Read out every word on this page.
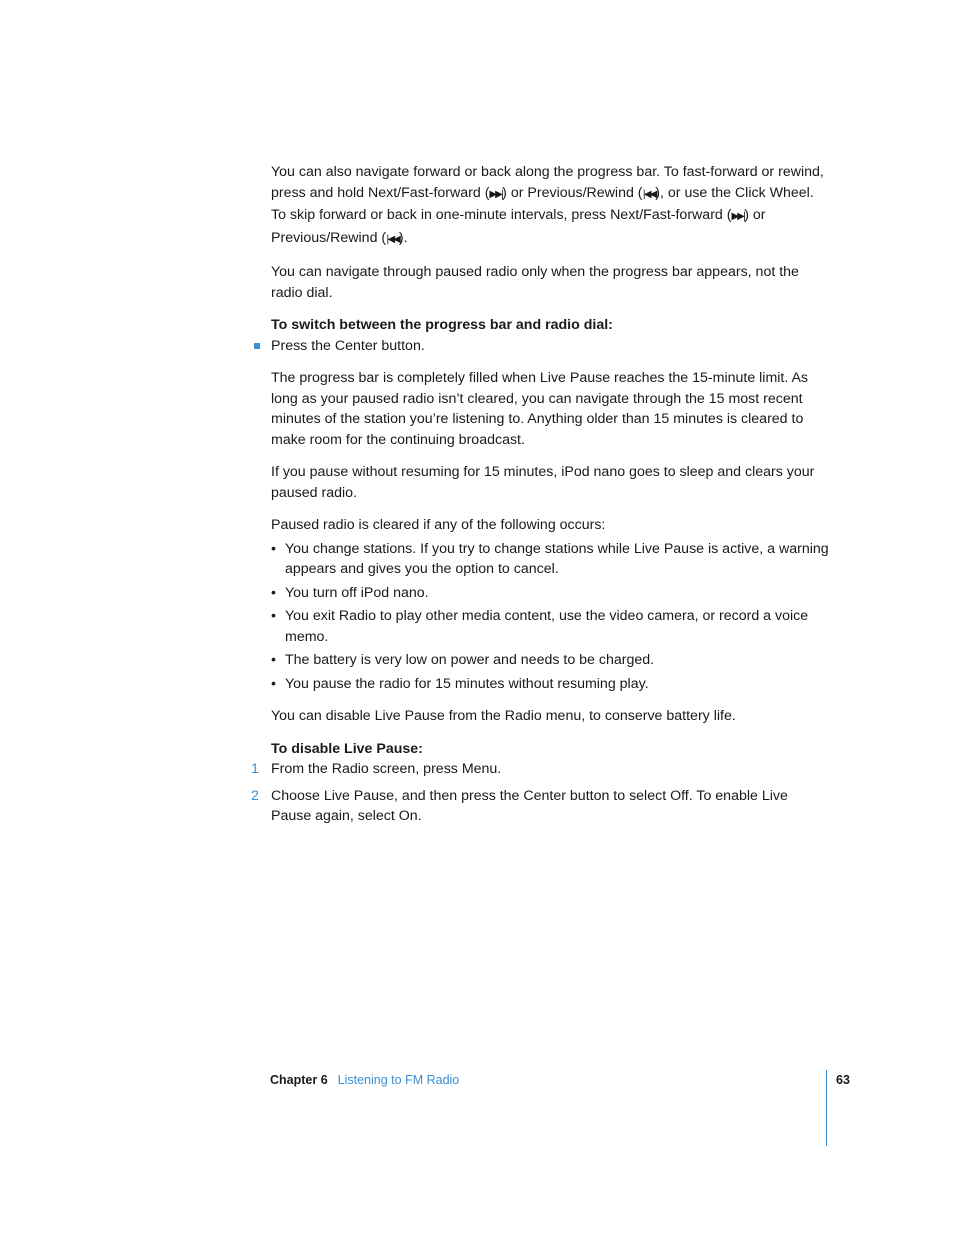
You can also navigate forward or back along the progress bar. To fast-forward or rewind, press and hold Next/Fast-forward (▶▶|) or Previous/Rewind (|◀◀), or use the Click Wheel. To skip forward or back in one-minute intervals, press Next/Fast-forward (▶▶|) or Previous/Rewind (|◀◀).

You can navigate through paused radio only when the progress bar appears, not the radio dial.

To switch between the progress bar and radio dial:

Press the Center button.

The progress bar is completely filled when Live Pause reaches the 15-minute limit. As long as your paused radio isn’t cleared, you can navigate through the 15 most recent minutes of the station you’re listening to. Anything older than 15 minutes is cleared to make room for the continuing broadcast.

If you pause without resuming for 15 minutes, iPod nano goes to sleep and clears your paused radio.

Paused radio is cleared if any of the following occurs:

• You change stations. If you try to change stations while Live Pause is active, a warning appears and gives you the option to cancel.
• You turn off iPod nano.
• You exit Radio to play other media content, use the video camera, or record a voice memo.
• The battery is very low on power and needs to be charged.
• You pause the radio for 15 minutes without resuming play.

You can disable Live Pause from the Radio menu, to conserve battery life.

To disable Live Pause:

1 From the Radio screen, press Menu.
2 Choose Live Pause, and then press the Center button to select Off. To enable Live Pause again, select On.
Chapter 6 Listening to FM Radio	63
